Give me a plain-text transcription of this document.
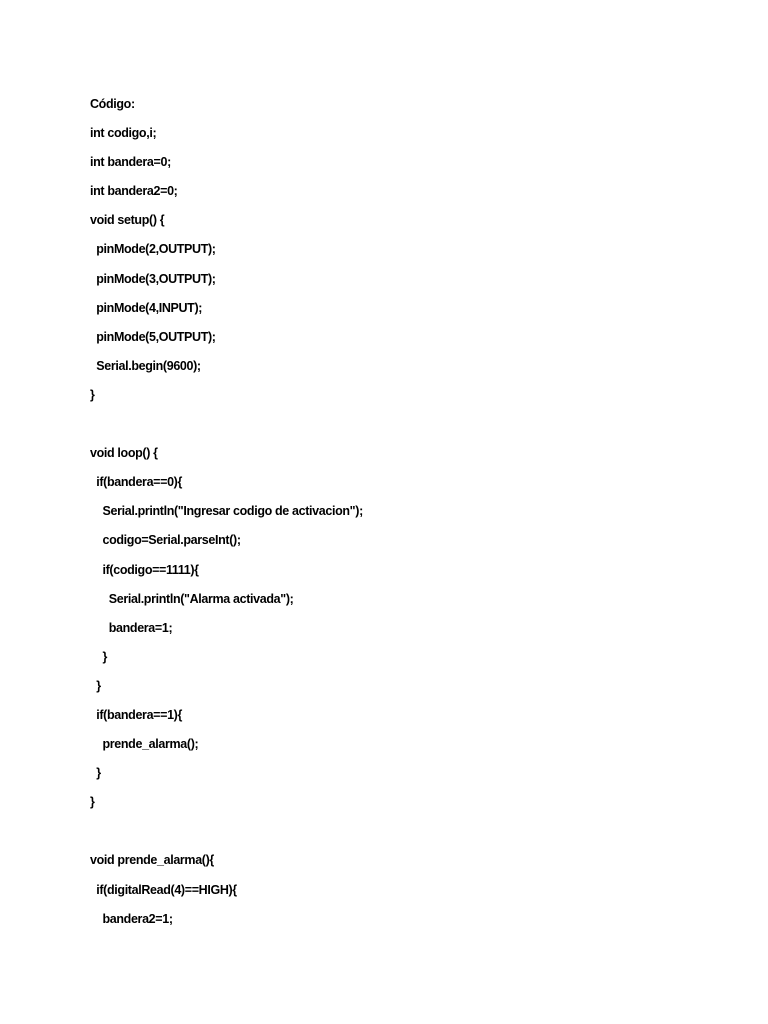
Código:
int codigo,i;
int bandera=0;
int bandera2=0;
void setup() {
pinMode(2,OUTPUT);
pinMode(3,OUTPUT);
pinMode(4,INPUT);
pinMode(5,OUTPUT);
Serial.begin(9600);
}
void loop() {
if(bandera==0){
Serial.println("Ingresar codigo de activacion");
codigo=Serial.parseInt();
if(codigo==1111){
Serial.println("Alarma activada");
bandera=1;
}
}
if(bandera==1){
prende_alarma();
}
}
void prende_alarma(){
if(digitalRead(4)==HIGH){
bandera2=1;
